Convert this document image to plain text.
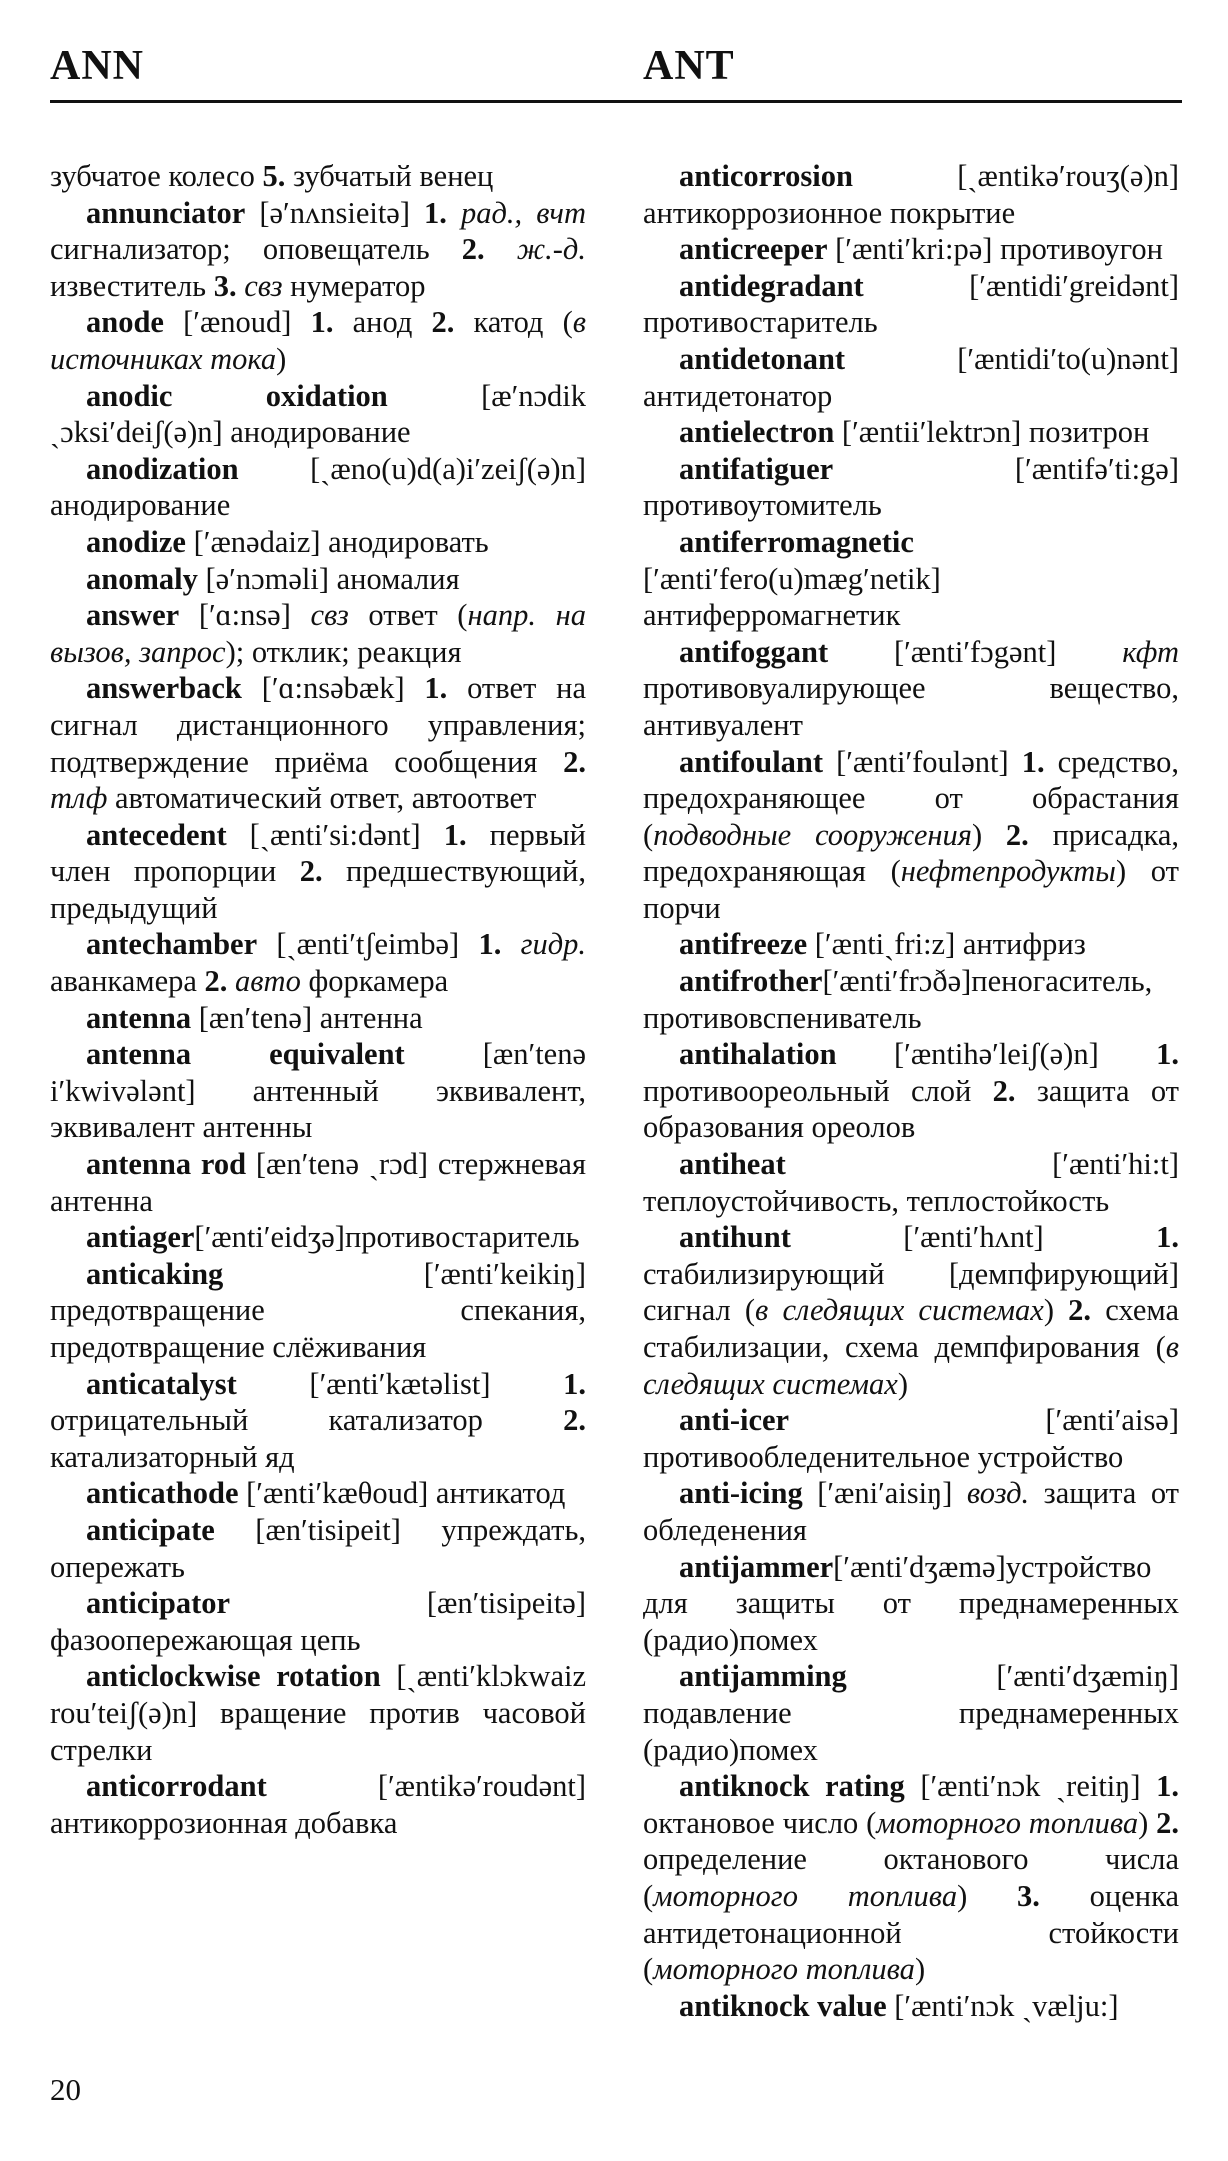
ANN	ANT

зубчатое колесо 5. зубчатый венец

annunciator [ə′nʌnsieitə] 1. рад., вчт сигнализатор; оповещатель 2. ж.-д. известитель 3. свз нумератор

anode [′ænoud] 1. анод 2. катод (в источниках тока)

anodic oxidation [æ′nɔdik ˏɔksi′deiʃ(ə)n] анодирование

anodization [ˏæno(u)d(a)i′zeiʃ(ə)n] анодирование

anodize [′ænədaiz] анодировать

anomaly [ə′nɔməli] аномалия

answer [′ɑ:nsə] свз ответ (напр. на вызов, запрос); отклик; реакция

answerback [′ɑ:nsəbæk] 1. ответ на сигнал дистанционного управления; подтверждение приёма сообщения 2. тлф автоматический ответ, автоответ

antecedent [ˏænti′si:dənt] 1. первый член пропорции 2. предшествующий, предыдущий

antechamber [ˏænti′tʃeimbə] 1. гидр. аванкамера 2. авто форкамера

antenna [æn′tenə] антенна

antenna equivalent [æn′tenə i′kwivələnt] антенный эквивалент, эквивалент антенны

antenna rod [æn′tenə ˏrɔd] стержневая антенна

antiager[′ænti′eidʒə]противостаритель

anticaking [′ænti′keikiŋ] предотвращение спекания, предотвращение слёживания

anticatalyst [′ænti′kætəlist] 1. отрицательный катализатор 2. катализаторный яд

anticathode [′ænti′kæθoud] антикатод

anticipate [æn′tisipeit] упреждать, опережать

anticipator [æn′tisipeitə] фазоопережающая цепь

anticlockwise rotation [ˏænti′klɔkwaiz rou′teiʃ(ə)n] вращение против часовой стрелки

anticorrodant [′æntikə′roudənt] антикоррозионная добавка

anticorrosion [ˏæntikə′rouʒ(ə)n] антикоррозионное покрытие

anticreeper [′ænti′kri:pə] противоугон

antidegradant [′æntidi′greidənt] противостаритель

antidetonant [′æntidi′to(u)nənt] антидетонатор

antielectron [′æntii′lektrɔn] позитрон

antifatiguer [′æntifə′ti:gə] противоутомитель

antiferromagnetic [′ænti′fero(u)mæg′netik] антиферромагнетик

antifoggant [′ænti′fɔgənt] кфт противовуалирующее вещество, антивуалент

antifoulant [′ænti′foulənt] 1. средство, предохраняющее от обрастания (подводные сооружения) 2. присадка, предохраняющая (нефтепродукты) от порчи

antifreeze [′æntiˏfri:z] антифриз

antifrother[′ænti′frɔðə]пеногаситель, противовспениватель

antihalation [′æntihə′leiʃ(ə)n] 1. противоореольный слой 2. защита от образования ореолов

antiheat [′ænti′hi:t] теплоустойчивость, теплостойкость

antihunt [′ænti′hʌnt] 1. стабилизирующий [демпфирующий] сигнал (в следящих системах) 2. схема стабилизации, схема демпфирования (в следящих системах)

anti-icer [′ænti′aisə] противообледенительное устройство

anti-icing [′æni′aisiŋ] возд. защита от обледенения

antijammer[′ænti′dʒæmə]устройство для защиты от преднамеренных (радио)помех

antijamming [′ænti′dʒæmiŋ] подавление преднамеренных (радио)помех

antiknock rating [′ænti′nɔk ˏreitiŋ] 1. октановое число (моторного топлива) 2. определение октанового числа (моторного топлива) 3. оценка антидетонационной стойкости (моторного топлива)

antiknock value [′ænti′nɔk ˏvælju:]

20
